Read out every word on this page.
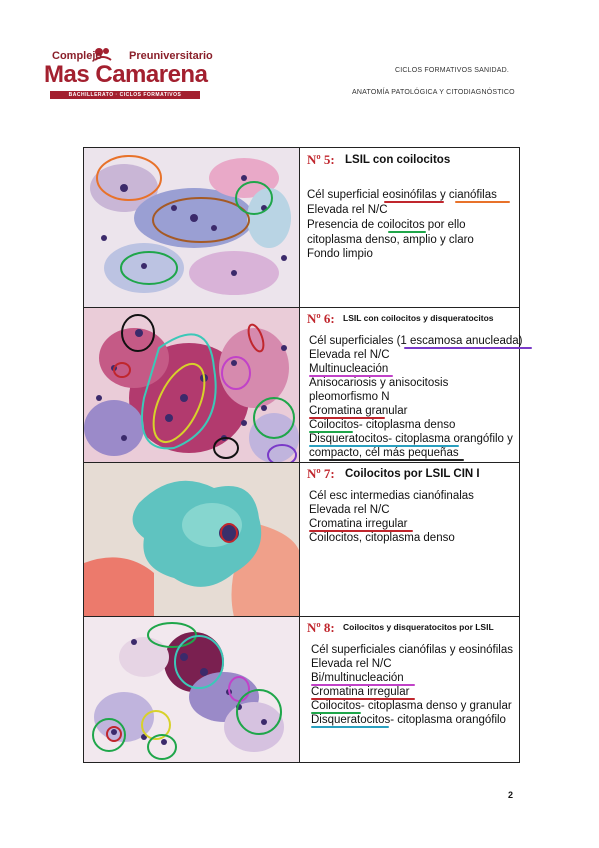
Complejo Preuniversitario
Mas Camarena
BACHILLERATO · CICLOS FORMATIVOS
CICLOS FORMATIVOS SANIDAD.
ANATOMÍA PATOLÓGICA Y CITODIAGNÓSTICO
Nº 5: LSIL con coilocitos
Cél superficial eosinófilas y cianófilas
Elevada rel N/C
Presencia de coilocitos por ello
citoplasma denso, amplio y claro
Fondo limpio
Nº 6: LSIL con coilocitos y disqueratocitos
Cél superficiales (1 escamosa anucleada)
Elevada rel N/C
Multinucleación
Anisocariosis y anisocitosis
pleomorfismo N
Cromatina granular
Coilocitos- citoplasma denso
Disqueratocitos- citoplasma orangófilo y
compacto, cél más pequeñas
Nº 7: Coilocitos por LSIL CIN I
Cél esc intermedias cianófinalas
Elevada rel N/C
Cromatina irregular
Coilocitos, citoplasma denso
Nº 8: Coilocitos y disqueratocitos por LSIL
Cél superficiales cianófilas y eosinófilas
Elevada rel N/C
Bi/multinucleación
Cromatina irregular
Coilocitos- citoplasma denso y granular
Disqueratocitos- citoplasma orangófilo
2
